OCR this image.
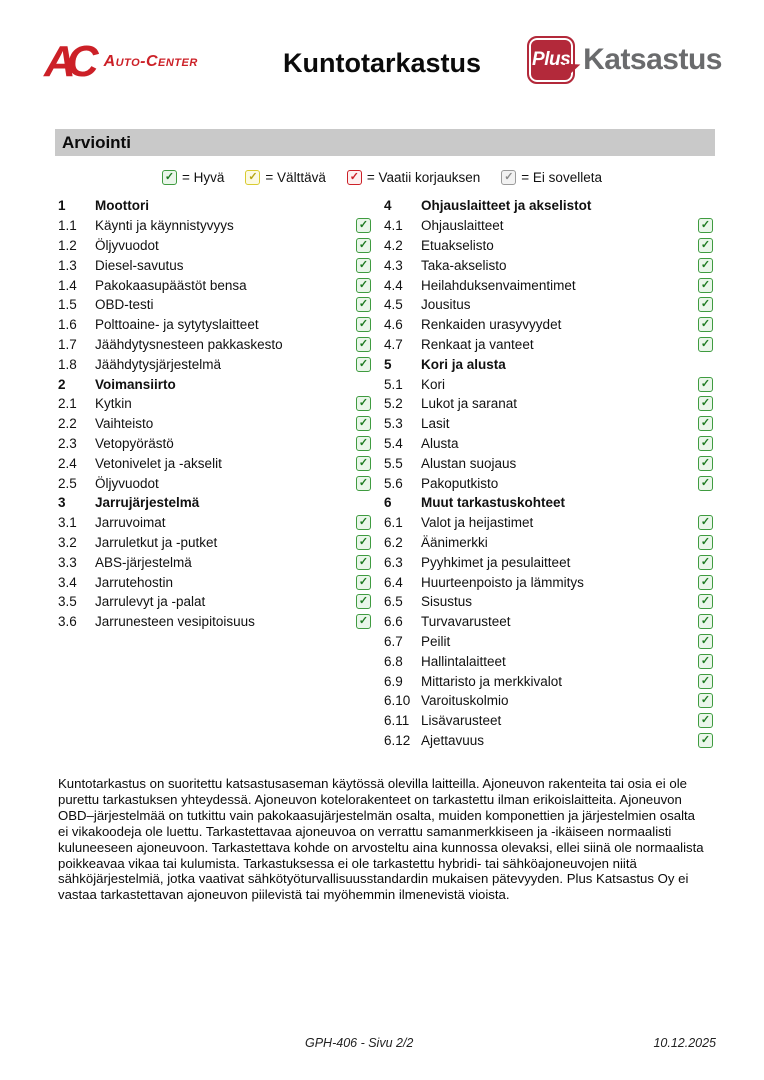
AC Auto-Center	Kuntotarkastus	Plus Katsastus
Arviointi
✓ = Hyvä ✓ = Välttävä ✓ = Vaatii korjauksen ✓ = Ei sovelleta
1	Moottori
1.1	Käynti ja käynnistyvyys	✓
1.2	Öljyvuodot	✓
1.3	Diesel-savutus	✓
1.4	Pakokaasupäästöt bensa	✓
1.5	OBD-testi	✓
1.6	Polttoaine- ja sytytyslaitteet	✓
1.7	Jäähdytysnesteen pakkaskesto	✓
1.8	Jäähdytysjärjestelmä	✓
2	Voimansiirto
2.1	Kytkin	✓
2.2	Vaihteisto	✓
2.3	Vetopyörästö	✓
2.4	Vetonivelet ja -akselit	✓
2.5	Öljyvuodot	✓
3	Jarrujärjestelmä
3.1	Jarruvoimat	✓
3.2	Jarruletkut ja -putket	✓
3.3	ABS-järjestelmä	✓
3.4	Jarrutehostin	✓
3.5	Jarrulevyt ja -palat	✓
3.6	Jarrunesteen vesipitoisuus	✓
4	Ohjauslaitteet ja akselistot
4.1	Ohjauslaitteet	✓
4.2	Etuakselisto	✓
4.3	Taka-akselisto	✓
4.4	Heilahduksenvaimentimet	✓
4.5	Jousitus	✓
4.6	Renkaiden urasyvyydet	✓
4.7	Renkaat ja vanteet	✓
5	Kori ja alusta
5.1	Kori	✓
5.2	Lukot ja saranat	✓
5.3	Lasit	✓
5.4	Alusta	✓
5.5	Alustan suojaus	✓
5.6	Pakoputkisto	✓
6	Muut tarkastuskohteet
6.1	Valot ja heijastimet	✓
6.2	Äänimerkki	✓
6.3	Pyyhkimet ja pesulaitteet	✓
6.4	Huurteenpoisto ja lämmitys	✓
6.5	Sisustus	✓
6.6	Turvavarusteet	✓
6.7	Peilit	✓
6.8	Hallintalaitteet	✓
6.9	Mittaristo ja merkkivalot	✓
6.10 Varoituskolmio	✓
6.11 Lisävarusteet	✓
6.12 Ajettavuus	✓
Kuntotarkastus on suoritettu katsastusaseman käytössä olevilla laitteilla. Ajoneuvon rakenteita tai osia ei ole purettu tarkastuksen yhteydessä. Ajoneuvon kotelorakenteet on tarkastettu ilman erikoislaitteita. Ajoneuvon OBD–järjestelmää on tutkittu vain pakokaasujärjestelmän osalta, muiden komponettien ja järjestelmien osalta ei vikakoodeja ole luettu. Tarkastettavaa ajoneuvoa on verrattu samanmerkkiseen ja -ikäiseen normaalisti kuluneeseen ajoneuvoon. Tarkastettava kohde on arvosteltu aina kunnossa olevaksi, ellei siinä ole normaalista poikkeavaa vikaa tai kulumista. Tarkastuksessa ei ole tarkastettu hybridi- tai sähköajoneuvojen niitä sähköjärjestelmiä, jotka vaativat sähkötyöturvallisuusstandardin mukaisen pätevyyden. Plus Katsastus Oy ei vastaa tarkastettavan ajoneuvon piilevistä tai myöhemmin ilmenevistä vioista.
GPH-406 - Sivu 2/2	10.12.2025
